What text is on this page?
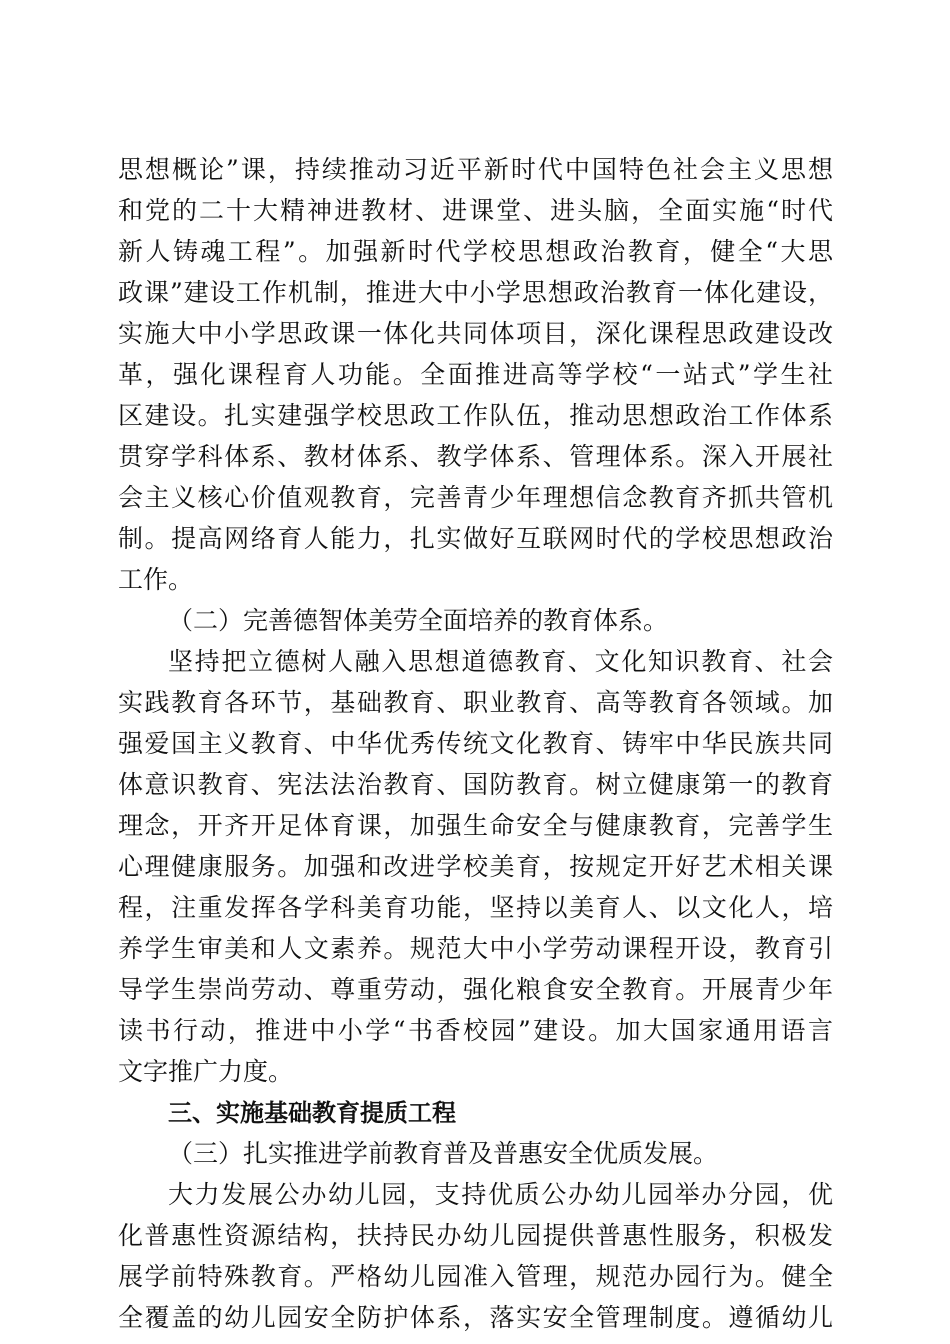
思想概论”课，持续推动习近平新时代中国特色社会主义思想
和党的二十大精神进教材、进课堂、进头脑，全面实施“时代
新人铸魂工程”。加强新时代学校思想政治教育，健全“大思
政课”建设工作机制，推进大中小学思想政治教育一体化建设，
实施大中小学思政课一体化共同体项目，深化课程思政建设改
革，强化课程育人功能。全面推进高等学校“一站式”学生社
区建设。扎实建强学校思政工作队伍，推动思想政治工作体系
贯穿学科体系、教材体系、教学体系、管理体系。深入开展社
会主义核心价值观教育，完善青少年理想信念教育齐抓共管机
制。提高网络育人能力，扎实做好互联网时代的学校思想政治
工作。
（二）完善德智体美劳全面培养的教育体系。
坚持把立德树人融入思想道德教育、文化知识教育、社会
实践教育各环节，基础教育、职业教育、高等教育各领域。加
强爱国主义教育、中华优秀传统文化教育、铸牢中华民族共同
体意识教育、宪法法治教育、国防教育。树立健康第一的教育
理念，开齐开足体育课，加强生命安全与健康教育，完善学生
心理健康服务。加强和改进学校美育，按规定开好艺术相关课
程，注重发挥各学科美育功能，坚持以美育人、以文化人，培
养学生审美和人文素养。规范大中小学劳动课程开设，教育引
导学生崇尚劳动、尊重劳动，强化粮食安全教育。开展青少年
读书行动，推进中小学“书香校园”建设。加大国家通用语言
文字推广力度。
三、实施基础教育提质工程
（三）扎实推进学前教育普及普惠安全优质发展。
大力发展公办幼儿园，支持优质公办幼儿园举办分园，优
化普惠性资源结构，扶持民办幼儿园提供普惠性服务，积极发
展学前特殊教育。严格幼儿园准入管理，规范办园行为。健全
全覆盖的幼儿园安全防护体系，落实安全管理制度。遵循幼儿
